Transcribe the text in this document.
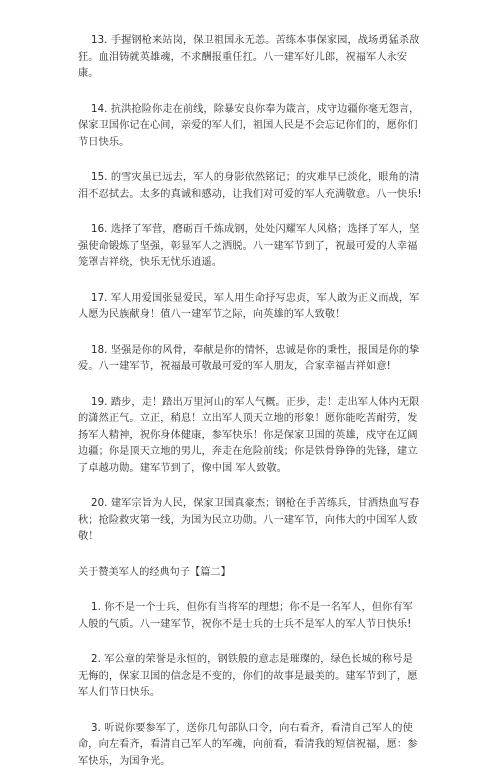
13. 手握钢枪来站岗，保卫祖国永无恙。苦练本事保家园，战场勇猛杀敌狂。血泪铸就英雄魂，不求酬报重任扛。八一建军好儿郎，祝福军人永安康。

14. 抗洪抢险你走在前线，除暴安良你奉为箴言，戍守边疆你毫无怨言，保家卫国你记在心间，亲爱的军人们，祖国人民是不会忘记你们的，愿你们节日快乐。

15. 的雪灾虽已远去，军人的身影依然铭记；的灾难早已淡化，眼角的清泪不忍拭去。太多的真诚和感动，让我们对可爱的军人充满敬意。八一快乐!

16. 选择了军营，磨砺百千炼成钢，处处闪耀军人风格；选择了军人，坚强使命锻炼了坚强，彰显军人之洒脱。八一建军节到了，祝最可爱的人幸福笼罩吉祥绕，快乐无忧乐逍遥。

17. 军人用爱国张显爱民，军人用生命抒写忠贞，军人敢为正义而战，军人愿为民族献身！值八一建军节之际，向英雄的军人致敬！

18. 坚强是你的风骨，奉献是你的情怀，忠诚是你的秉性，报国是你的挚爱。八一建军节，祝福最可敬最可爱的军人朋友，合家幸福吉祥如意!

19. 踏步，走！踏出万里河山的军人气概。正步，走！走出军人体内无限的潇然正气。立正，稍息！立出军人顶天立地的形象！愿你能吃苦耐劳，发扬军人精神，祝你身体健康，参军快乐！你是保家卫国的英雄，戍守在辽阔边疆；你是顶天立地的男儿，奔走在危险前线；你是铁骨铮铮的先锋，建立了卓越功勋。建军节到了，像中国 军人致敬。

20. 建军宗旨为人民，保家卫国真豪杰；钢枪在手苦练兵，甘洒热血写春秋；抢险救灾第一线，为国为民立功勋。八一建军节，向伟大的中国军人致敬！

关于赞美军人的经典句子【篇二】

1. 你不是一个士兵，但你有当将军的理想；你不是一名军人，但你有军人般的气质。八一建军节，祝你不是士兵的士兵不是军人的军人节日快乐!

2. 军公章的荣誉是永恒的，钢铁般的意志是璀璨的，绿色长城的称号是无悔的，保家卫国的信念是不变的，你们的故事是最美的。建军节到了，愿军人们节日快乐。

3. 听说你要参军了，送你几句部队口令，向右看齐，看清自己军人的使命，向左看齐，看清自己军人的军魂，向前看，看清我的短信祝福，愿：参军快乐，为国争光。
